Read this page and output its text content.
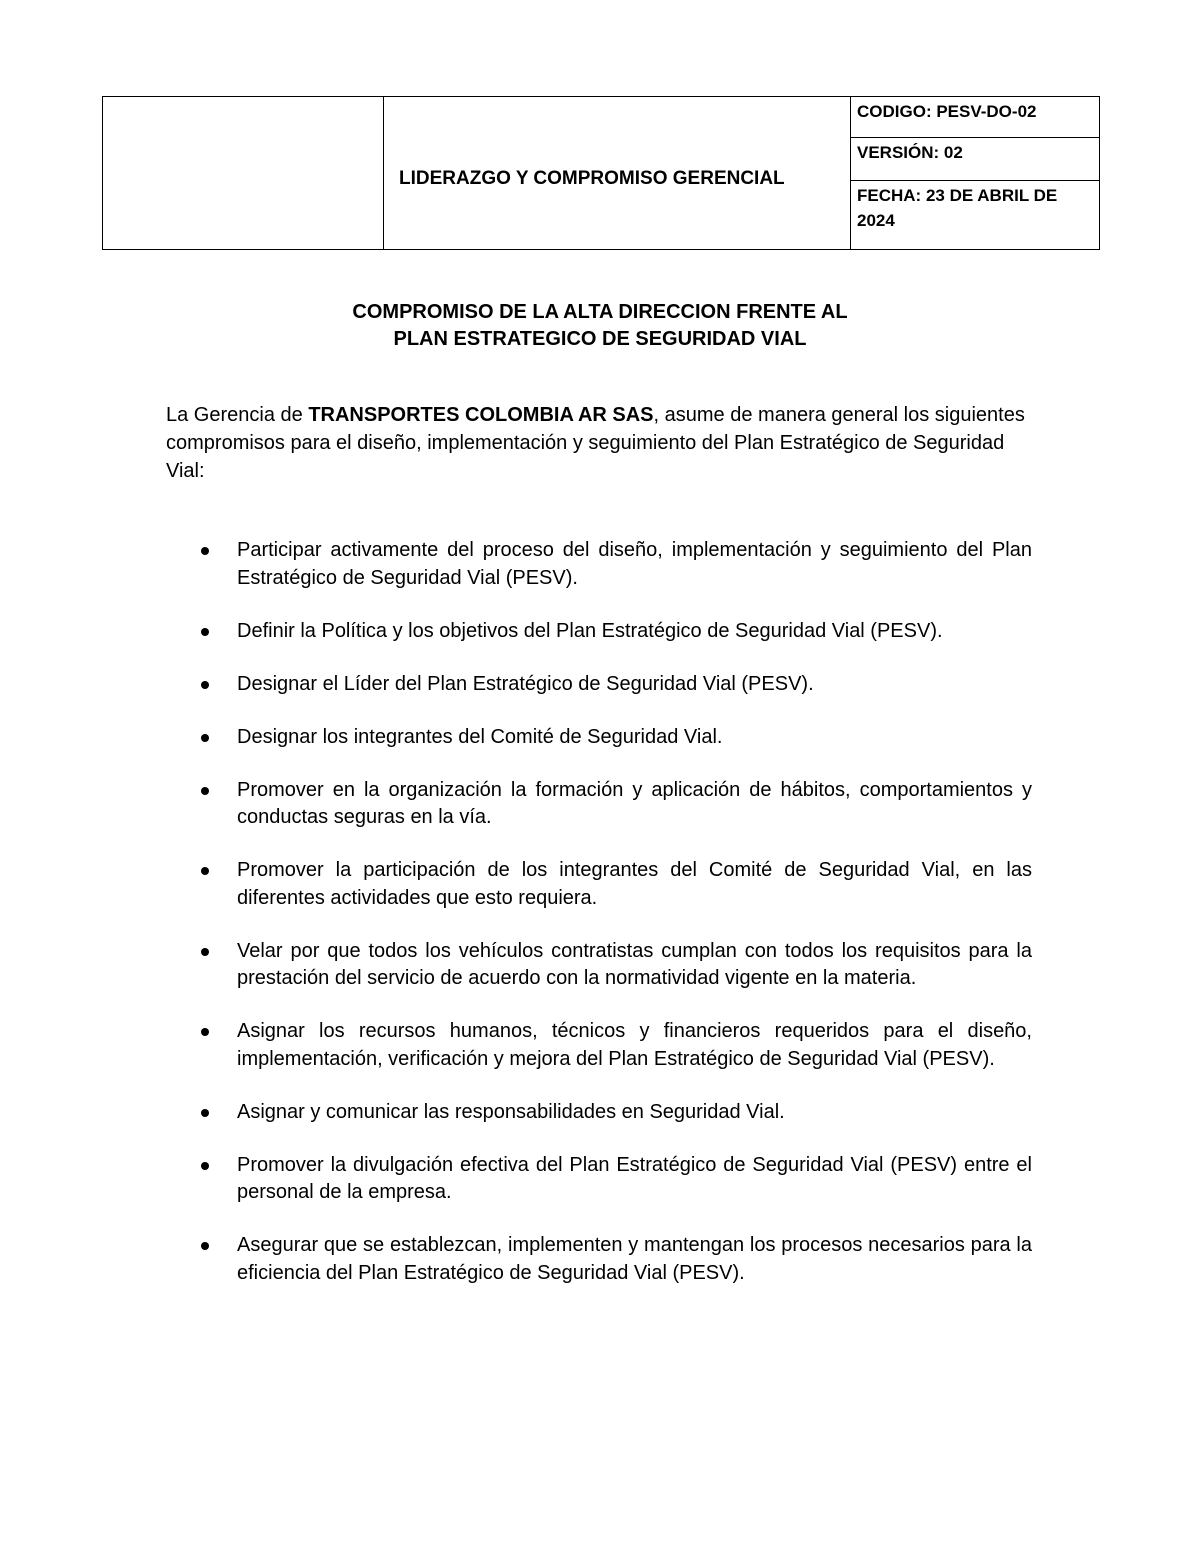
	LIDERAZGO Y COMPROMISO GERENCIAL	CODIGO: PESV-DO-02
VERSIÓN: 02
FECHA: 23 DE ABRIL DE 2024
COMPROMISO DE LA ALTA DIRECCION FRENTE AL
PLAN ESTRATEGICO DE SEGURIDAD VIAL

La Gerencia de TRANSPORTES COLOMBIA AR SAS, asume de manera general los siguientes compromisos para el diseño, implementación y seguimiento del Plan Estratégico de Seguridad Vial:

Participar activamente del proceso del diseño, implementación y seguimiento del Plan Estratégico de Seguridad Vial (PESV).
Definir la Política y los objetivos del Plan Estratégico de Seguridad Vial (PESV).
Designar el Líder del Plan Estratégico de Seguridad Vial (PESV).
Designar los integrantes del Comité de Seguridad Vial.
Promover en la organización la formación y aplicación de hábitos, comportamientos y conductas seguras en la vía.
Promover la participación de los integrantes del Comité de Seguridad Vial, en las diferentes actividades que esto requiera.
Velar por que todos los vehículos contratistas cumplan con todos los requisitos para la prestación del servicio de acuerdo con la normatividad vigente en la materia.
Asignar los recursos humanos, técnicos y financieros requeridos para el diseño, implementación, verificación y mejora del Plan Estratégico de Seguridad Vial (PESV).
Asignar y comunicar las responsabilidades en Seguridad Vial.
Promover la divulgación efectiva del Plan Estratégico de Seguridad Vial (PESV) entre el personal de la empresa.
Asegurar que se establezcan, implementen y mantengan los procesos necesarios para la eficiencia del Plan Estratégico de Seguridad Vial (PESV).
